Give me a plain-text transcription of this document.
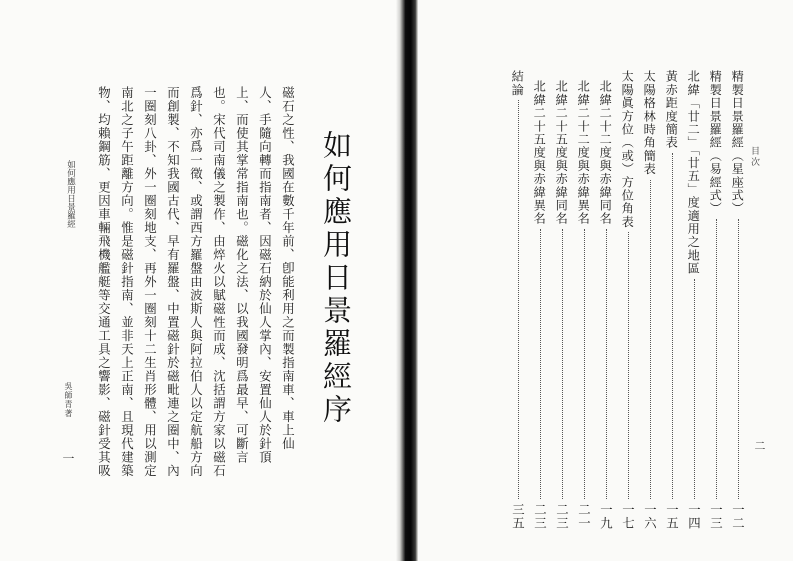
如何應用日景羅經序
磁石之性、我國在數千年前、卽能利用之而製指南車、車上仙
人、手隨向轉而指南者、因磁石納於仙人掌內、安置仙人於針頂
上、而使其掌常指南也。磁化之法、以我國發明爲最早、可斷言
也。宋代司南儀之製作、由焠火以賦磁性而成、沈括謂方家以磁石
爲針、亦爲一徵、或謂西方羅盤由波斯人與阿拉伯人以定航船方向
而創製、不知我國古代、早有羅盤、中置磁針於磁毗連之圈中、內
一圈刻八卦、外一圈刻地支、再外一圈刻十二生肖形體、用以測定
南北之子午距離方向。惟是磁針指南、並非天上正南、且現代建築
物、均賴鋼筋、更因車輛飛機艦艇等交通工具之響影、磁針受其吸
如何應用日景羅經
吳師青著
一
目次
二
精製日景羅經（星座式）
一二
精製日景羅經（易經式）
一三
北緯「廿二」「廿五」度適用之地區
一四
黃赤距度簡表
一五
太陽格林時角簡表
一六
太陽眞方位（或）方位角表
一七
北緯二十二度與赤緯同名
一九
北緯二十二度與赤緯異名
二一
北緯二十五度與赤緯同名
二三
北緯二十五度與赤緯異名
二三
結論
三五
